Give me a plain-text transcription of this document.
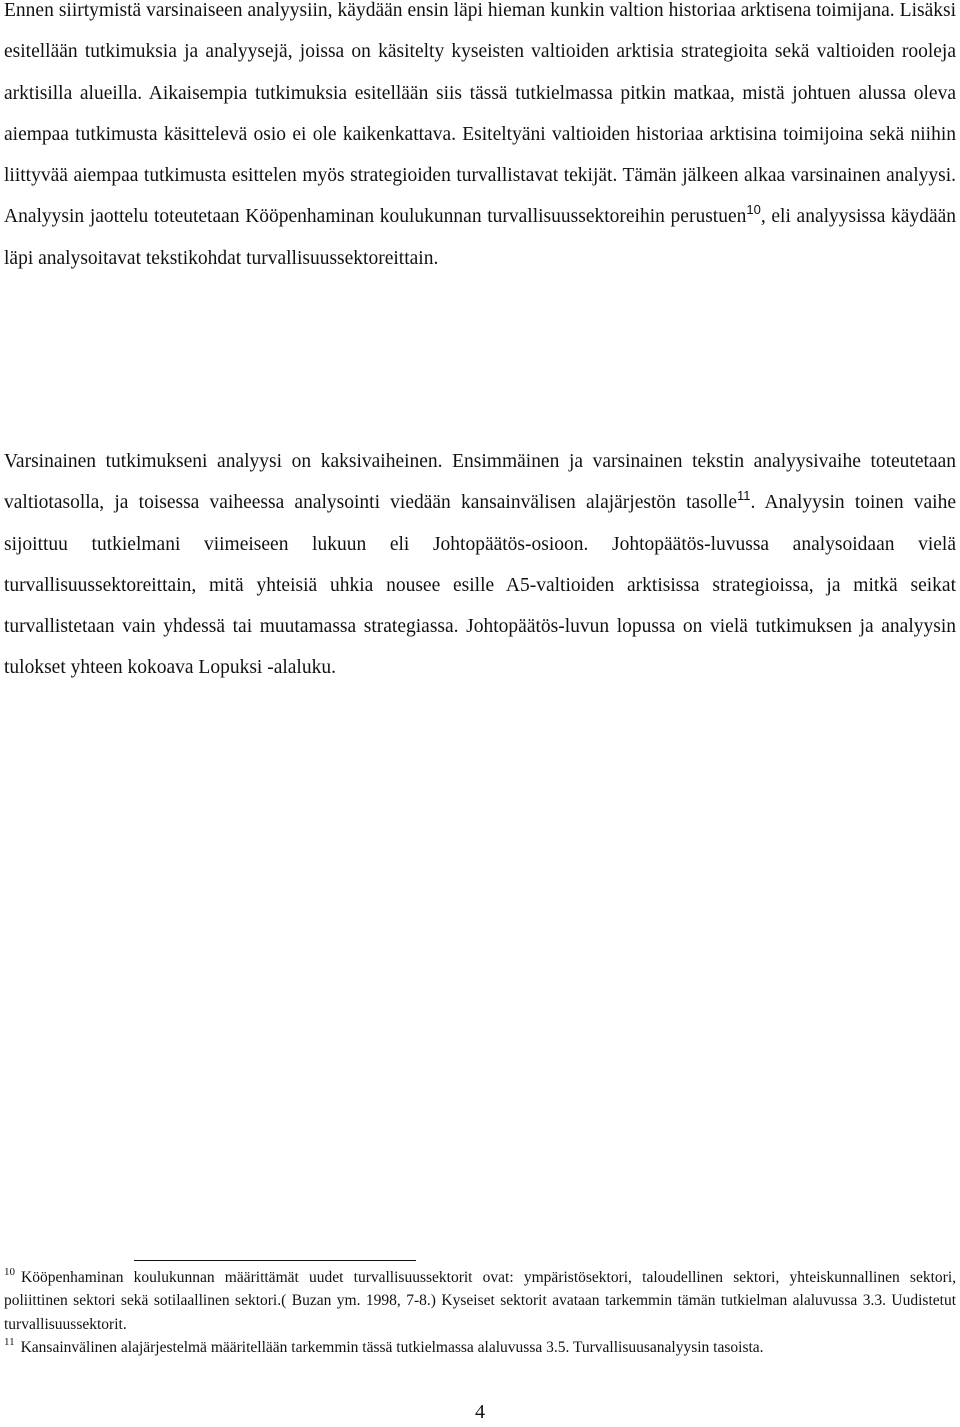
Ennen siirtymistä varsinaiseen analyysiin, käydään ensin läpi hieman kunkin valtion historiaa arktisena toimijana. Lisäksi esitellään tutkimuksia ja analyysejä, joissa on käsitelty kyseisten valtioiden arktisia strategioita sekä valtioiden rooleja arktisilla alueilla. Aikaisempia tutkimuksia esitellään siis tässä tutkielmassa pitkin matkaa, mistä johtuen alussa oleva aiempaa tutkimusta käsittelevä osio ei ole kaikenkattava. Esiteltyäni valtioiden historiaa arktisina toimijoina sekä niihin liittyvää aiempaa tutkimusta esittelen myös strategioiden turvallistavat tekijät. Tämän jälkeen alkaa varsinainen analyysi. Analyysin jaottelu toteutetaan Kööpenhaminan koulukunnan turvallisuussektoreihin perustuen$^{10}$, eli analyysissa käydään läpi analysoitavat tekstikohdat turvallisuussektoreittain.

Varsinainen tutkimukseni analyysi on kaksivaiheinen. Ensimmäinen ja varsinainen tekstin analyysivaihe toteutetaan valtiotasolla, ja toisessa vaiheessa analysointi viedään kansainvälisen alajärjestön tasolle$^{11}$. Analyysin toinen vaihe sijoittuu tutkielmani viimeiseen lukuun eli Johtopäätös-osioon. Johtopäätös-luvussa analysoidaan vielä turvallisuussektoreittain, mitä yhteisiä uhkia nousee esille A5-valtioiden arktisissa strategioissa, ja mitkä seikat turvallistetaan vain yhdessä tai muutamassa strategiassa. Johtopäätös-luvun lopussa on vielä tutkimuksen ja analyysin tulokset yhteen kokoava Lopuksi -alaluku.

$^{10}$ Kööpenhaminan koulukunnan määrittämät uudet turvallisuussektorit ovat: ympäristösektori, taloudellinen sektori, yhteiskunnallinen sektori, poliittinen sektori sekä sotilaallinen sektori.( Buzan ym. 1998, 7-8.) Kyseiset sektorit avataan tarkemmin tämän tutkielman alaluvussa 3.3. Uudistetut turvallisuussektorit.

$^{11}$ Kansainvälinen alajärjestelmä määritellään tarkemmin tässä tutkielmassa alaluvussa 3.5. Turvallisuusanalyysin tasoista.

4
